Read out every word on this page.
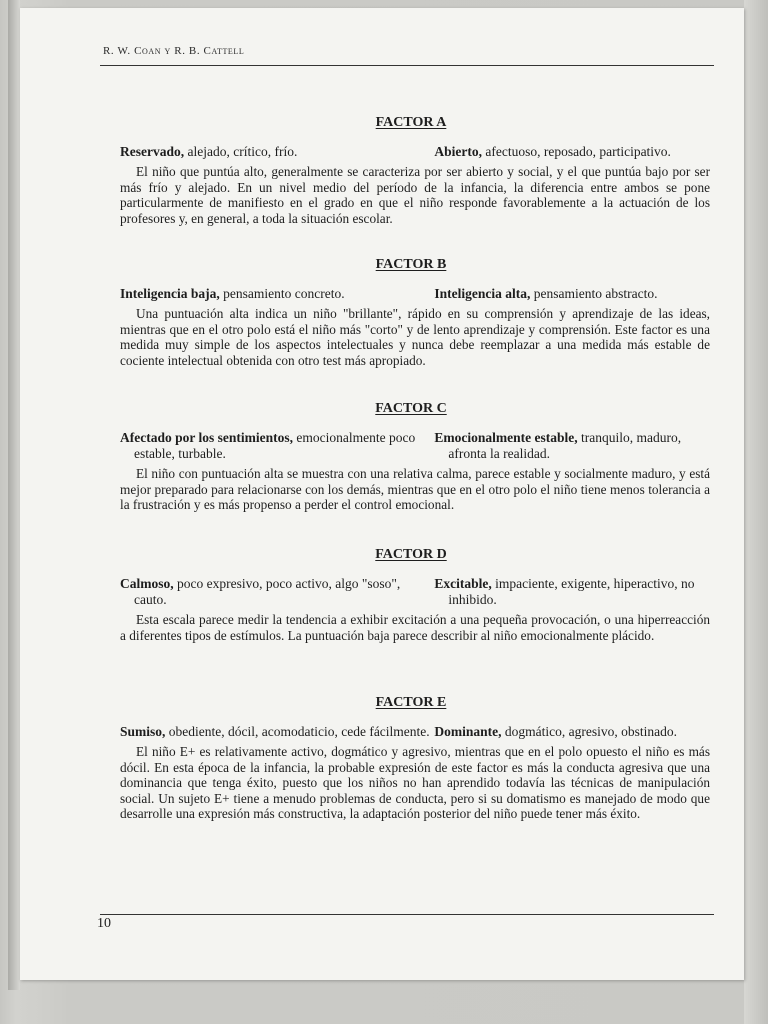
R. W. Coan y R. B. Cattell
FACTOR A
Reservado, alejado, crítico, frío.	Abierto, afectuoso, reposado, participativo.
El niño que puntúa alto, generalmente se caracteriza por ser abierto y social, y el que puntúa bajo por ser más frío y alejado. En un nivel medio del período de la infancia, la diferencia entre ambos se pone particularmente de manifiesto en el grado en que el niño responde favorablemente a la actuación de los profesores y, en general, a toda la situación escolar.
FACTOR B
Inteligencia baja, pensamiento concreto.	Inteligencia alta, pensamiento abstracto.
Una puntuación alta indica un niño "brillante", rápido en su comprensión y aprendizaje de las ideas, mientras que en el otro polo está el niño más "corto" y de lento aprendizaje y comprensión. Este factor es una medida muy simple de los aspectos intelectuales y nunca debe reemplazar a una medida más estable de cociente intelectual obtenida con otro test más apropiado.
FACTOR C
Afectado por los sentimientos, emocionalmente poco estable, turbable.
Emocionalmente estable, tranquilo, maduro, afronta la realidad.
El niño con puntuación alta se muestra con una relativa calma, parece estable y socialmente maduro, y está mejor preparado para relacionarse con los demás, mientras que en el otro polo el niño tiene menos tolerancia a la frustración y es más propenso a perder el control emocional.
FACTOR D
Calmoso, poco expresivo, poco activo, algo "soso", cauto.
Excitable, impaciente, exigente, hiperactivo, no inhibido.
Esta escala parece medir la tendencia a exhibir excitación a una pequeña provocación, o una hiperreacción a diferentes tipos de estímulos. La puntuación baja parece describir al niño emocionalmente plácido.
FACTOR E
Sumiso, obediente, dócil, acomodaticio, cede fácilmente. Dominante, dogmático, agresivo, obstinado.
El niño E+ es relativamente activo, dogmático y agresivo, mientras que en el polo opuesto el niño es más dócil. En esta época de la infancia, la probable expresión de este factor es más la conducta agresiva que una dominancia que tenga éxito, puesto que los niños no han aprendido todavía las técnicas de manipulación social. Un sujeto E+ tiene a menudo problemas de conducta, pero si su domatismo es manejado de modo que desarrolle una expresión más constructiva, la adaptación posterior del niño puede tener más éxito.
10
